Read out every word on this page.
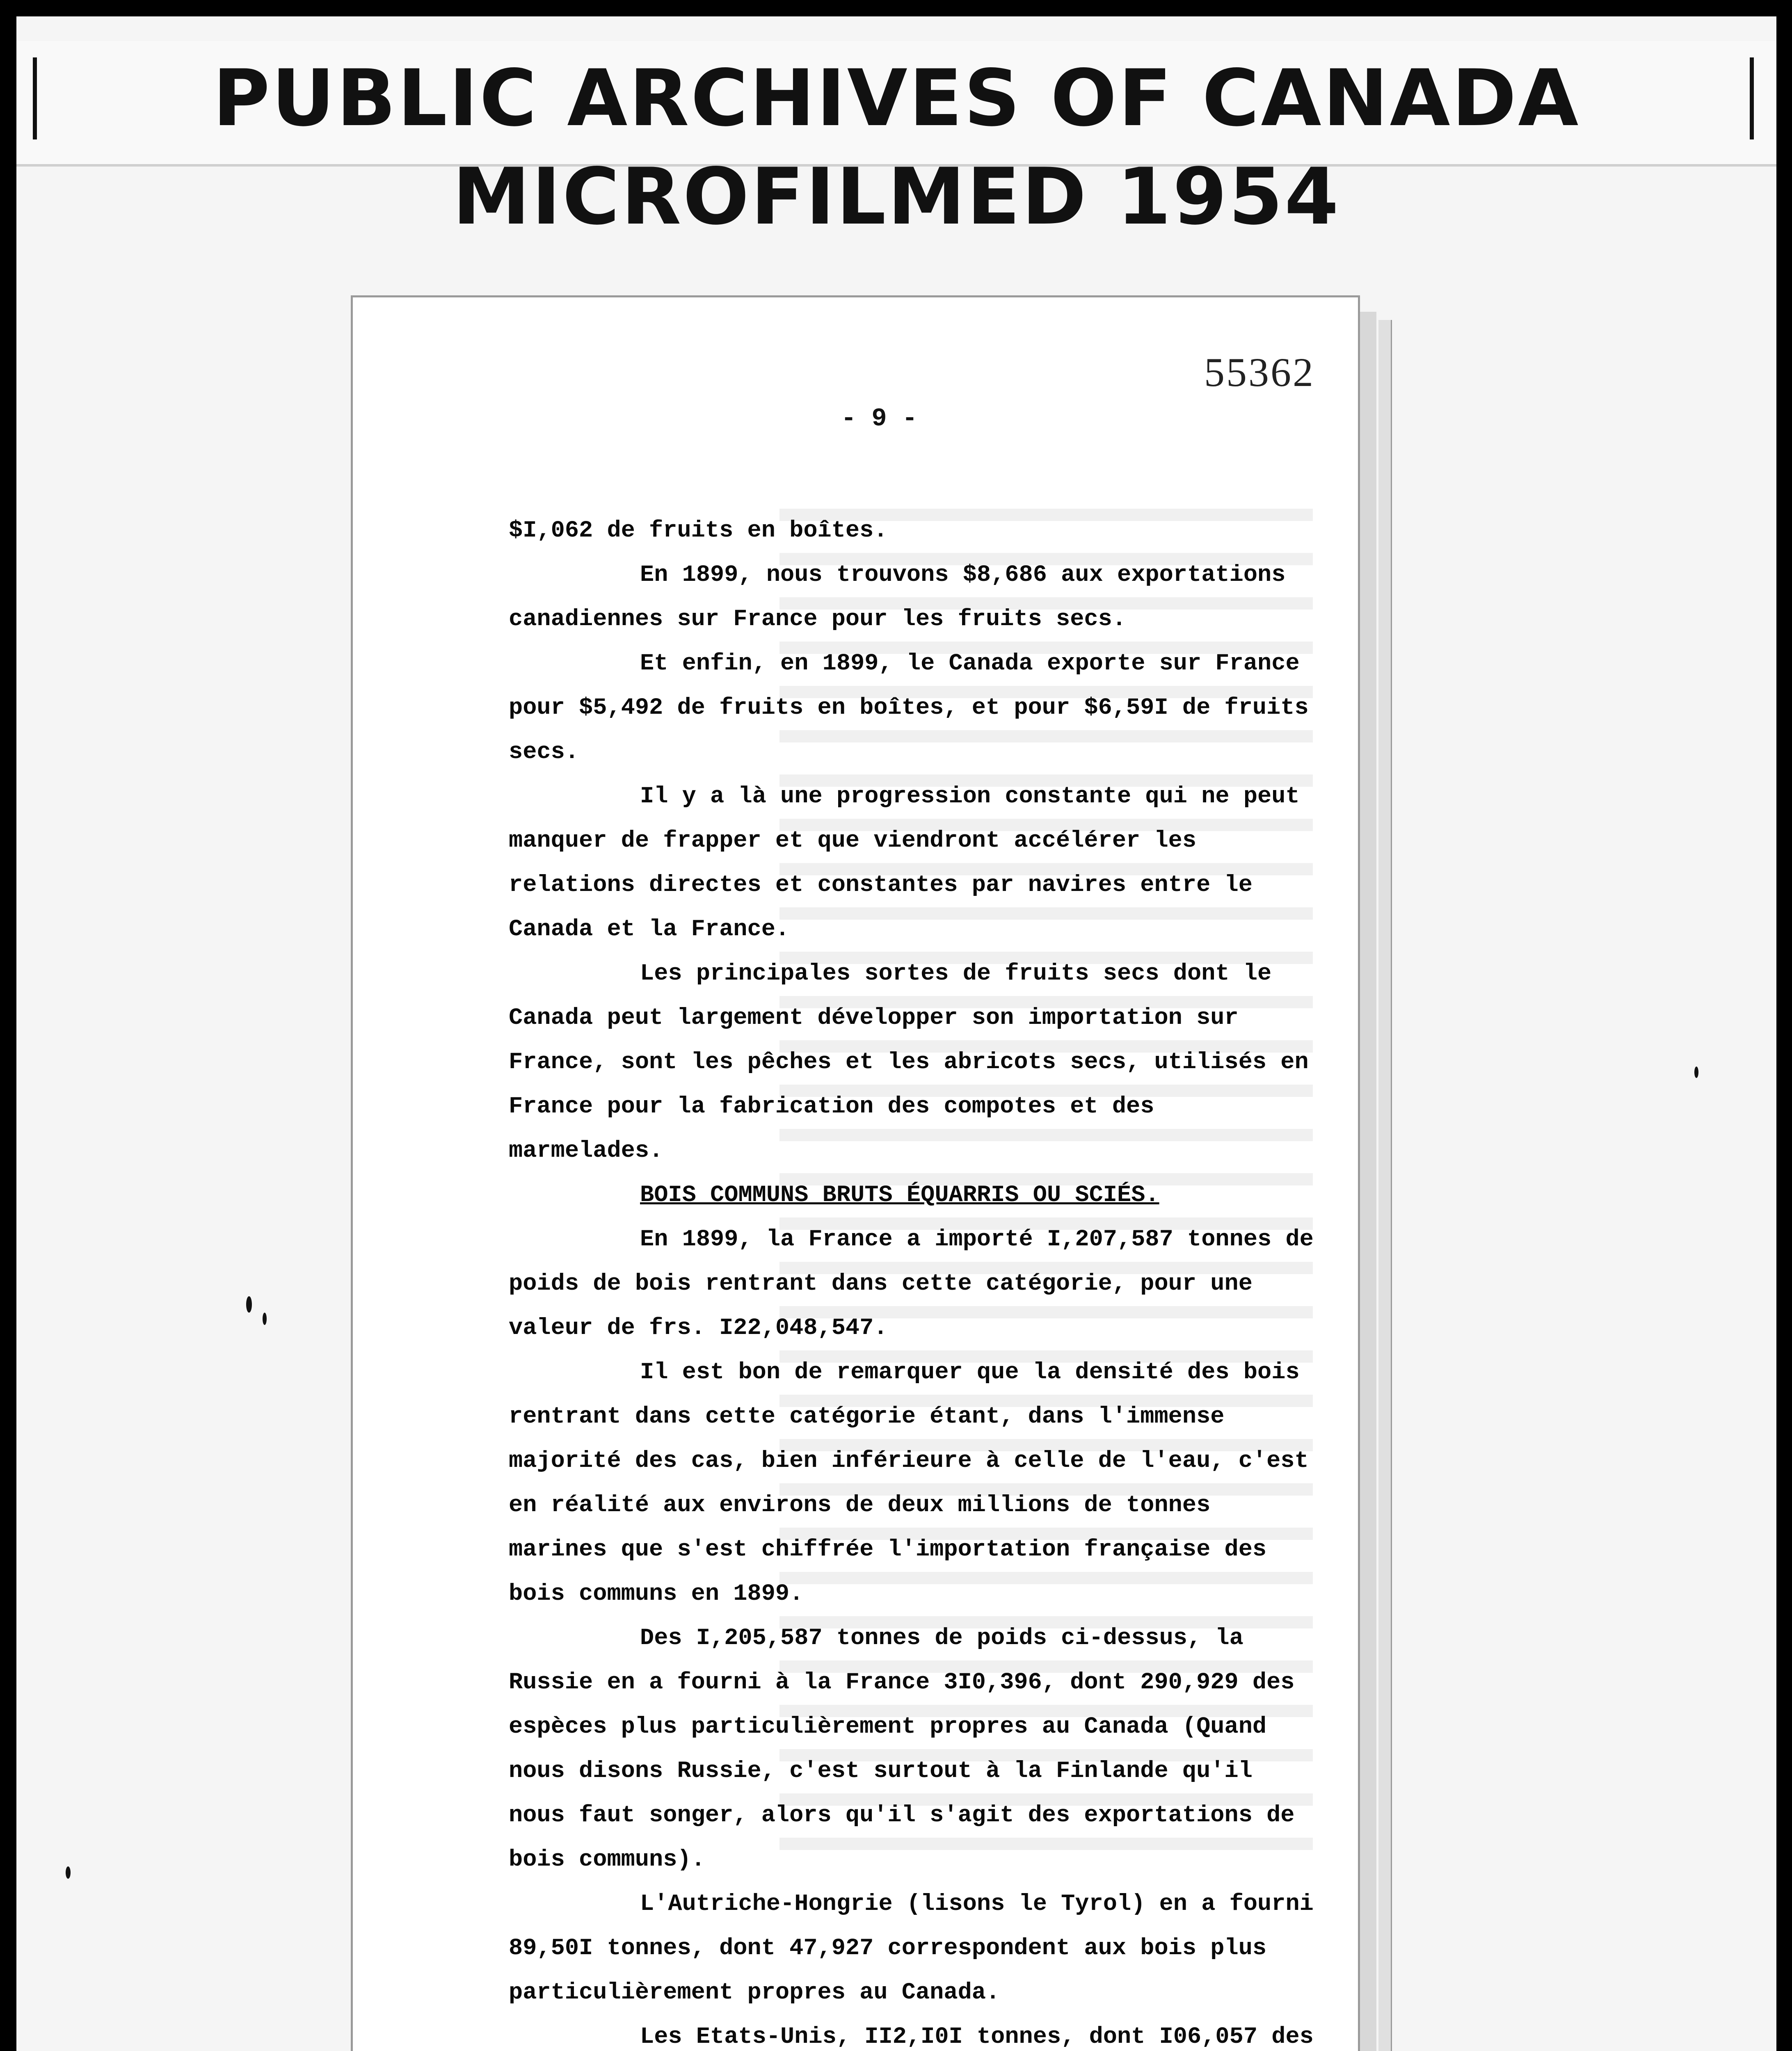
PUBLIC ARCHIVES OF CANADA MICROFILMED 1954
55362
- 9 -

$I,062 de fruits en boîtes.

En 1899, nous trouvons $8,686 aux exportations canadiennes sur France pour les fruits secs.

Et enfin, en 1899, le Canada exporte sur France pour $5,492 de fruits en boîtes, et pour $6,59I de fruits secs.

Il y a là une progression constante qui ne peut manquer de frapper et que viendront accélérer les relations directes et constantes par navires entre le Canada et la France.

Les principales sortes de fruits secs dont le Canada peut largement développer son importation sur France, sont les pêches et les abricots secs, utilisés en France pour la fabrication des compotes et des marmelades.

BOIS COMMUNS BRUTS ÉQUARRIS OU SCIÉS.

En 1899, la France a importé I,207,587 tonnes de poids de bois rentrant dans cette catégorie, pour une valeur de frs. I22,048,547.

Il est bon de remarquer que la densité des bois rentrant dans cette catégorie étant, dans l'immense majorité des cas, bien inférieure à celle de l'eau, c'est en réalité aux environs de deux millions de tonnes marines que s'est chiffrée l'importation française des bois communs en 1899.

Des I,205,587 tonnes de poids ci-dessus, la Russie en a fourni à la France 3I0,396, dont 290,929 des espèces plus particulièrement propres au Canada (Quand nous disons Russie, c'est surtout à la Finlande qu'il nous faut songer, alors qu'il s'agit des exportations de bois communs).

L'Autriche-Hongrie (lisons le Tyrol) en a fourni 89,50I tonnes, dont 47,927 correspondent aux bois plus particulièrement propres au Canada.

Les Etats-Unis, II2,I0I tonnes, dont I06,057 des
